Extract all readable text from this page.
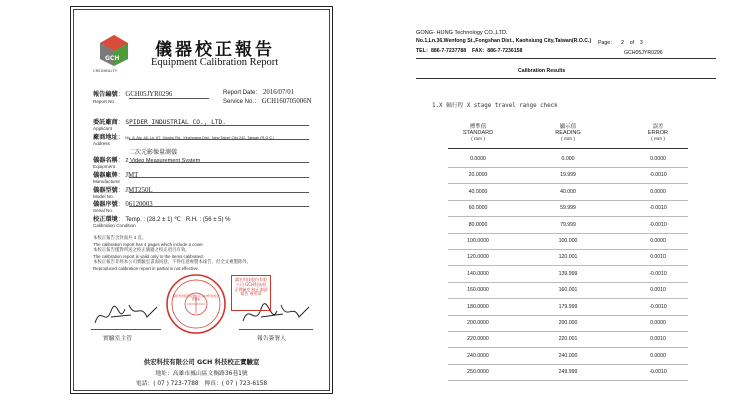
GCH
CREDIBILITY
儀器校正報告
Equipment Calibration Report
報告編號： GCH05JYR0296
Report No.
Report Date： 2016/07/01
Service No.： GCH160705006N
委託廠商： SPIDER INDUSTRIAL CO., LTD.
Applicant
廠商地址： No. 8, Aly. 48, Ln. 67, Xinshu Rd., Xinzhuang Dist., New Taipei City 242, Taiwan (R.O.C.)
Address
二次元影像量測儀
儀器名稱： 2 Video Measurement System
Equipment
儀器廠牌： JMT
Manufacturer
儀器型號： JMT250L
Model No.
儀器序號： 06120003
Serial No.
校正環境： Temp. : (28.2 ± 1) ℃ R.H. : (56 ± 5) %
Calibration Condition
本校正報告含封面共 4 頁。
The calibration report has 4 pages which include a cover.
本校正報告僅對所送之校正儀器之校正項目有效。
The calibration report is valid only to the items calibrated.
本校正報告非經本公司實驗室書面同意，不得任意複製本報告，但全文複製除外。
Reproduced calibration report in partial is not effective.
實驗室主管	報告簽署人
鎮宏科技股份有限公司 GCH科技校正實驗室
鎮宏科技股份有限公司 GCH科技校正實驗室 校正測試報告 專用章
供宏科技有限公司 GCH 科技校正實驗室
地址：高雄市鳳山區文衡路36巷1號
電話：( 07 ) 723-7788　傳真：( 07 ) 723-6158
GONG- HUNG Technology CO.,LTD.
No.1,Ln.36,Wenfong St.,Fongshan Dist., Kaohsiung City,Taiwan(R.O.C.)
TEL：886-7-7237788 FAX：886-7-7236158
Page： 2 of 3
GCH05JYR0296
Calibration Results
1.X 軸行程 X stage travel range check
標準值
STANDARD
( mm )
顯示值
READING
( mm )
誤差
ERROR
( mm )
0.0000	0.000	0.0000
20.0000	19.999	-0.0010
40.0000	40.000	0.0000
60.0000	59.999	-0.0010
80.0000	79.999	-0.0010
100.0000	100.000	0.0000
120.0000	120.001	0.0010
140.0000	139.999	-0.0010
160.0000	160.001	0.0010
180.0000	179.999	-0.0010
200.0000	200.000	0.0000
220.0000	220.001	0.0010
240.0000	240.000	0.0000
250.0000	249.999	-0.0010
